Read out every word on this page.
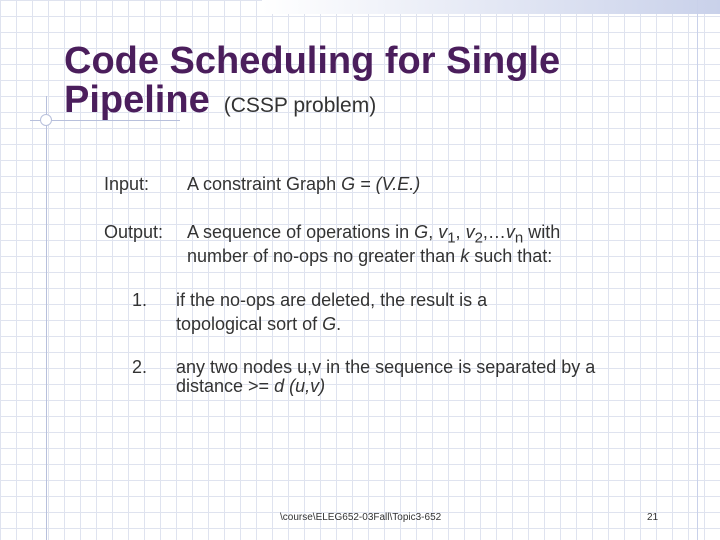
Code Scheduling for Single Pipeline (CSSP problem)
Input: A constraint Graph G = (V.E.)

Output: A sequence of operations in G, $v_1$, $v_2,\dots v_n$ with

number of no-ops no greater than k such that:

1. if the no-ops are deleted, the result is a

topological sort of G.

2. any two nodes u,v in the sequence is separated by a

distance >= d (u,v)

\course\ELEG652-03Fall\Topic3-652	21
